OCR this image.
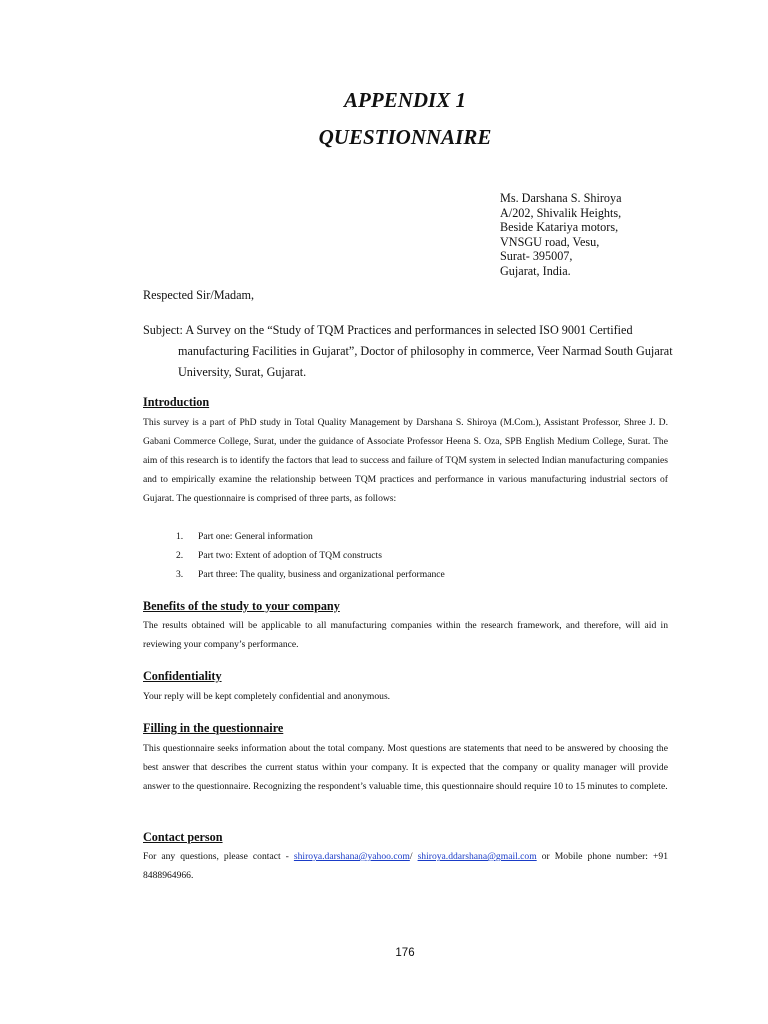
APPENDIX 1
QUESTIONNAIRE
Ms. Darshana S. Shiroya
A/202, Shivalik Heights,
Beside Katariya motors,
VNSGU road, Vesu,
Surat- 395007,
Gujarat, India.

Respected Sir/Madam,

Subject: A Survey on the “Study of TQM Practices and performances in selected ISO 9001 Certified manufacturing Facilities in Gujarat”, Doctor of philosophy in commerce, Veer Narmad South Gujarat University, Surat, Gujarat.

Introduction

This survey is a part of PhD study in Total Quality Management by Darshana S. Shiroya (M.Com.), Assistant Professor, Shree J. D. Gabani Commerce College, Surat, under the guidance of Associate Professor Heena S. Oza, SPB English Medium College, Surat. The aim of this research is to identify the factors that lead to success and failure of TQM system in selected Indian manufacturing companies and to empirically examine the relationship between TQM practices and performance in various manufacturing industrial sectors of Gujarat. The questionnaire is comprised of three parts, as follows:

1. Part one: General information
2. Part two: Extent of adoption of TQM constructs
3. Part three: The quality, business and organizational performance
Benefits of the study to your company

The results obtained will be applicable to all manufacturing companies within the research framework, and therefore, will aid in reviewing your company’s performance.

Confidentiality

Your reply will be kept completely confidential and anonymous.

Filling in the questionnaire

This questionnaire seeks information about the total company. Most questions are statements that need to be answered by choosing the best answer that describes the current status within your company. It is expected that the company or quality manager will provide answer to the questionnaire. Recognizing the respondent’s valuable time, this questionnaire should require 10 to 15 minutes to complete.

Contact person

For any questions, please contact - shiroya.darshana@yahoo.com/ shiroya.ddarshana@gmail.com or Mobile phone number: +91 8488964966.

176
